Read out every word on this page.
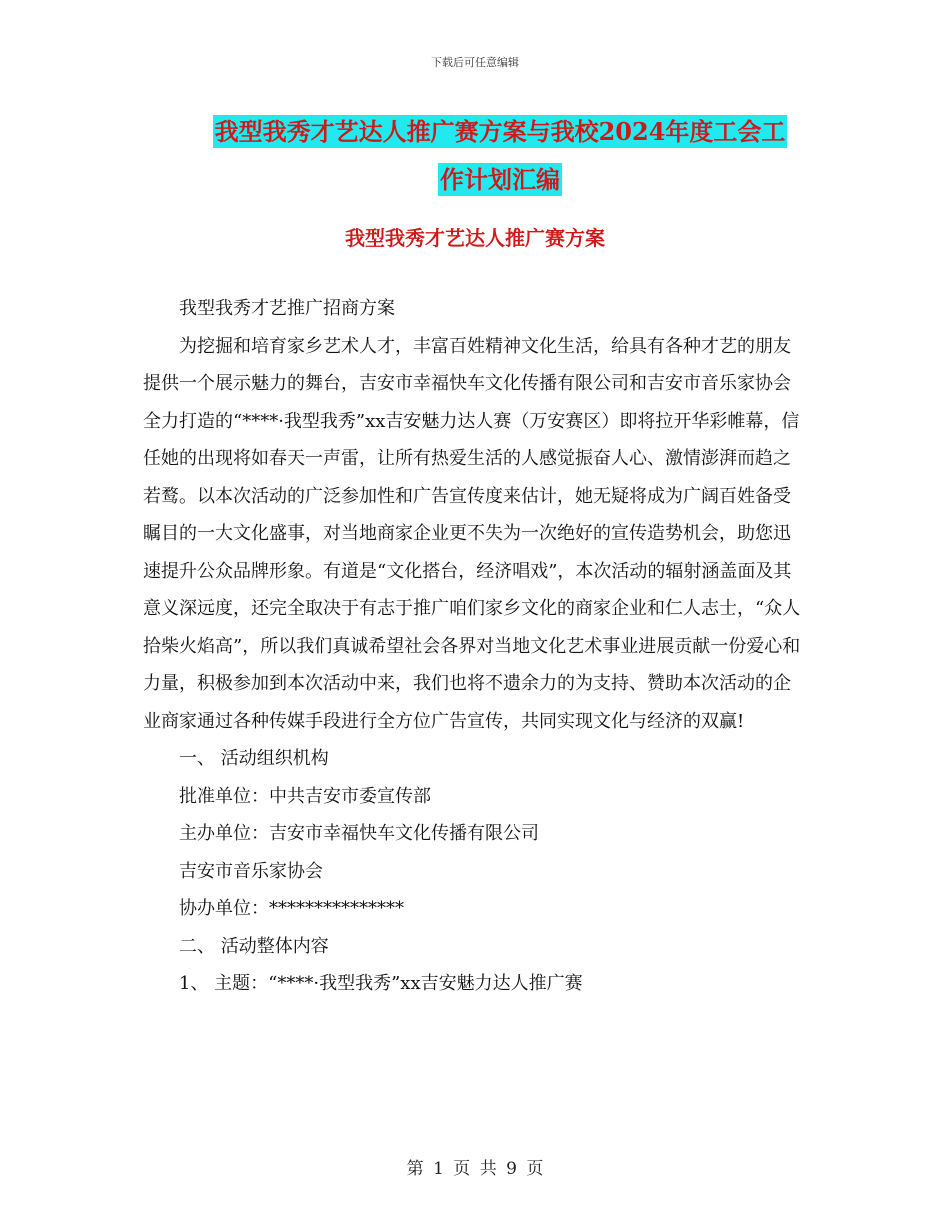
下载后可任意编辑
我型我秀才艺达人推广赛方案与我校2024年度工会工
作计划汇编
我型我秀才艺达人推广赛方案

我型我秀才艺推广招商方案

为挖掘和培育家乡艺术人才，丰富百姓精神文化生活，给具有各种才艺的朋友提供一个展示魅力的舞台，吉安市幸福快车文化传播有限公司和吉安市音乐家协会全力打造的“****·我型我秀”xx吉安魅力达人赛（万安赛区）即将拉开华彩帷幕，信任她的出现将如春天一声雷，让所有热爱生活的人感觉振奋人心、激情澎湃而趋之若鹜。以本次活动的广泛参加性和广告宣传度来估计，她无疑将成为广阔百姓备受瞩目的一大文化盛事，对当地商家企业更不失为一次绝好的宣传造势机会，助您迅速提升公众品牌形象。有道是“文化搭台，经济唱戏”，本次活动的辐射涵盖面及其意义深远度，还完全取决于有志于推广咱们家乡文化的商家企业和仁人志士，“众人拾柴火焰高”，所以我们真诚希望社会各界对当地文化艺术事业进展贡献一份爱心和力量，积极参加到本次活动中来，我们也将不遗余力的为支持、赞助本次活动的企业商家通过各种传媒手段进行全方位广告宣传，共同实现文化与经济的双赢!

一、 活动组织机构

批准单位：中共吉安市委宣传部

主办单位：吉安市幸福快车文化传播有限公司

吉安市音乐家协会

协办单位：***************

二、 活动整体内容

1、 主题：“****·我型我秀”xx吉安魅力达人推广赛

第 1 页 共 9 页
